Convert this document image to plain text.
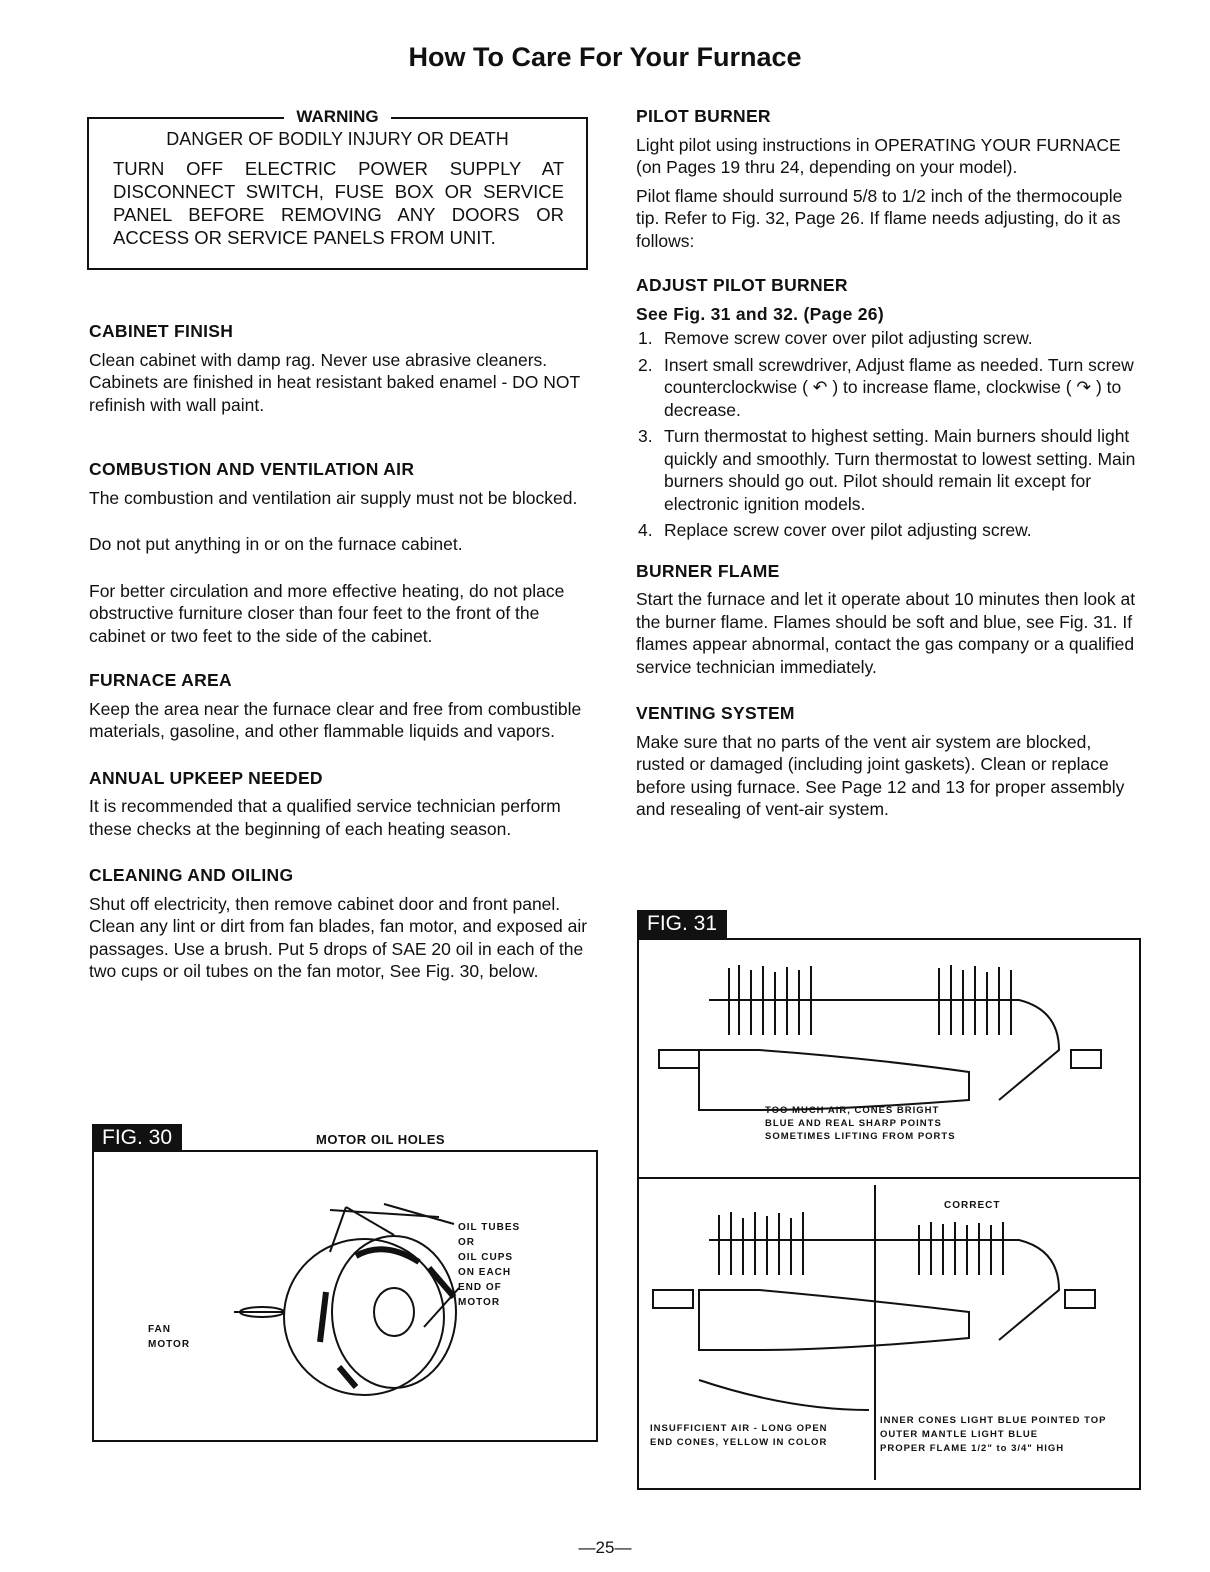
How To Care For Your Furnace
WARNING
DANGER OF BODILY INJURY OR DEATH
TURN OFF ELECTRIC POWER SUPPLY AT DISCONNECT SWITCH, FUSE BOX OR SERVICE PANEL BEFORE REMOVING ANY DOORS OR ACCESS OR SERVICE PANELS FROM UNIT.
CABINET FINISH

Clean cabinet with damp rag. Never use abrasive cleaners. Cabinets are finished in heat resistant baked enamel - DO NOT refinish with wall paint.

COMBUSTION AND VENTILATION AIR

The combustion and ventilation air supply must not be blocked.

Do not put anything in or on the furnace cabinet.

For better circulation and more effective heating, do not place obstructive furniture closer than four feet to the front of the cabinet or two feet to the side of the cabinet.

FURNACE AREA

Keep the area near the furnace clear and free from combustible materials, gasoline, and other flammable liquids and vapors.

ANNUAL UPKEEP NEEDED

It is recommended that a qualified service technician perform these checks at the beginning of each heating season.

CLEANING AND OILING

Shut off electricity, then remove cabinet door and front panel. Clean any lint or dirt from fan blades, fan motor, and exposed air passages. Use a brush. Put 5 drops of SAE 20 oil in each of the two cups or oil tubes on the fan motor, See Fig. 30, below.

PILOT BURNER

Light pilot using instructions in OPERATING YOUR FURNACE (on Pages 19 thru 24, depending on your model).

Pilot flame should surround 5/8 to 1/2 inch of the thermocouple tip. Refer to Fig. 32, Page 26. If flame needs adjusting, do it as follows:

ADJUST PILOT BURNER
See Fig. 31 and 32. (Page 26)
1. Remove screw cover over pilot adjusting screw.
2. Insert small screwdriver, Adjust flame as needed. Turn screw counterclockwise ( ↶ ) to increase flame, clockwise ( ↷ ) to decrease.
3. Turn thermostat to highest setting. Main burners should light quickly and smoothly. Turn thermostat to lowest setting. Main burners should go out. Pilot should remain lit except for electronic ignition models.
4. Replace screw cover over pilot adjusting screw.
BURNER FLAME

Start the furnace and let it operate about 10 minutes then look at the burner flame. Flames should be soft and blue, see Fig. 31. If flames appear abnormal, contact the gas company or a qualified service technician immediately.

VENTING SYSTEM

Make sure that no parts of the vent air system are blocked, rusted or damaged (including joint gaskets). Clean or replace before using furnace. See Page 12 and 13 for proper assembly and resealing of vent-air system.

FIG. 30	MOTOR OIL HOLES
OIL TUBES
OR
OIL CUPS
ON EACH
END OF
MOTOR
FAN
MOTOR
FIG. 31
TOO MUCH AIR, CONES BRIGHT
BLUE AND REAL SHARP POINTS
SOMETIMES LIFTING FROM PORTS
CORRECT
INSUFFICIENT AIR - LONG OPEN
END CONES, YELLOW IN COLOR
INNER CONES LIGHT BLUE POINTED TOP
OUTER MANTLE LIGHT BLUE
PROPER FLAME 1/2" to 3/4" HIGH
—25—
